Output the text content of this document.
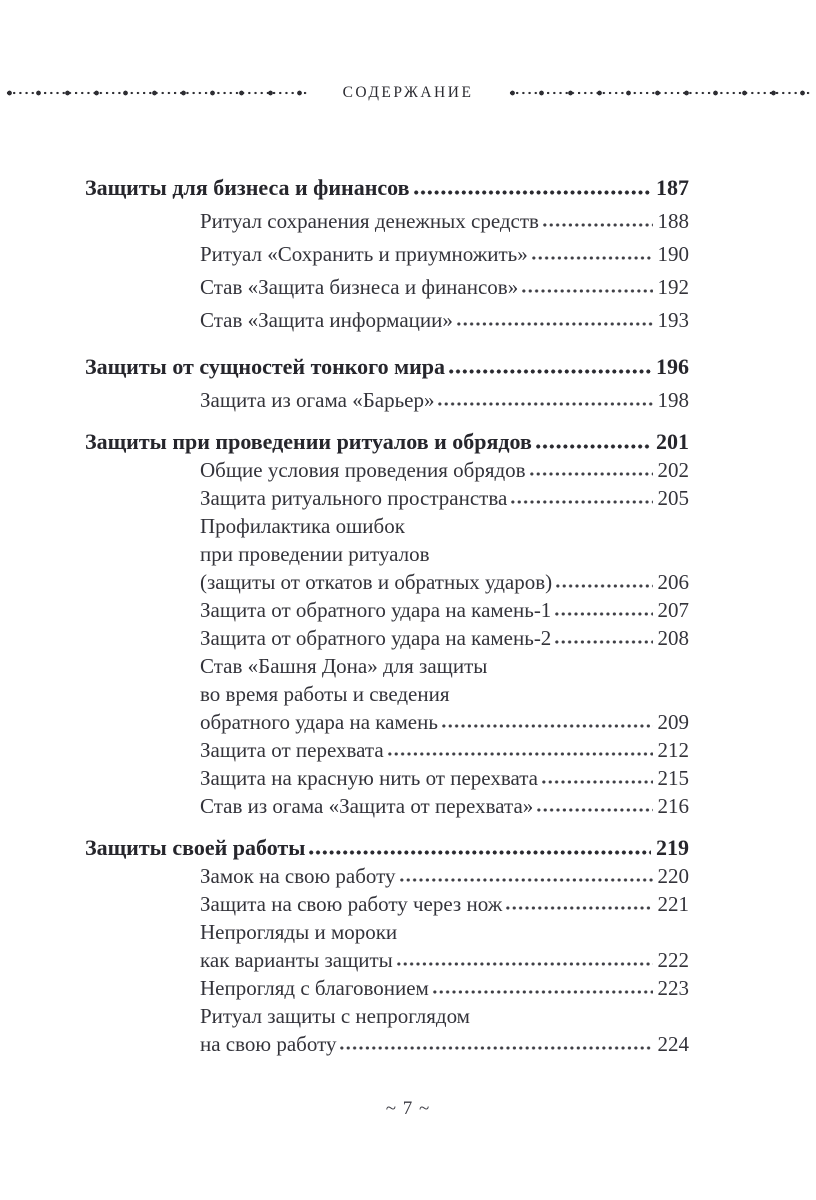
СОДЕРЖАНИЕ
Защиты для бизнеса и финансов	187
Ритуал сохранения денежных средств	188
Ритуал «Сохранить и приумножить»	190
Став «Защита бизнеса и финансов»	192
Став «Защита информации»	193
Защиты от сущностей тонкого мира	196
Защита из огама «Барьер»	198
Защиты при проведении ритуалов и обрядов	201
Общие условия проведения обрядов	202
Защита ритуального пространства	205
Профилактика ошибок
при проведении ритуалов
(защиты от откатов и обратных ударов)	206
Защита от обратного удара на камень-1	207
Защита от обратного удара на камень-2	208
Став «Башня Дона» для защиты
во время работы и сведения
обратного удара на камень	209
Защита от перехвата	212
Защита на красную нить от перехвата	215
Став из огама «Защита от перехвата»	216
Защиты своей работы	219
Замок на свою работу	220
Защита на свою работу через нож	221
Непрогляды и мороки
как варианты защиты	222
Непрогляд с благовонием	223
Ритуал защиты с непроглядом
на свою работу	224
~ 7 ~
